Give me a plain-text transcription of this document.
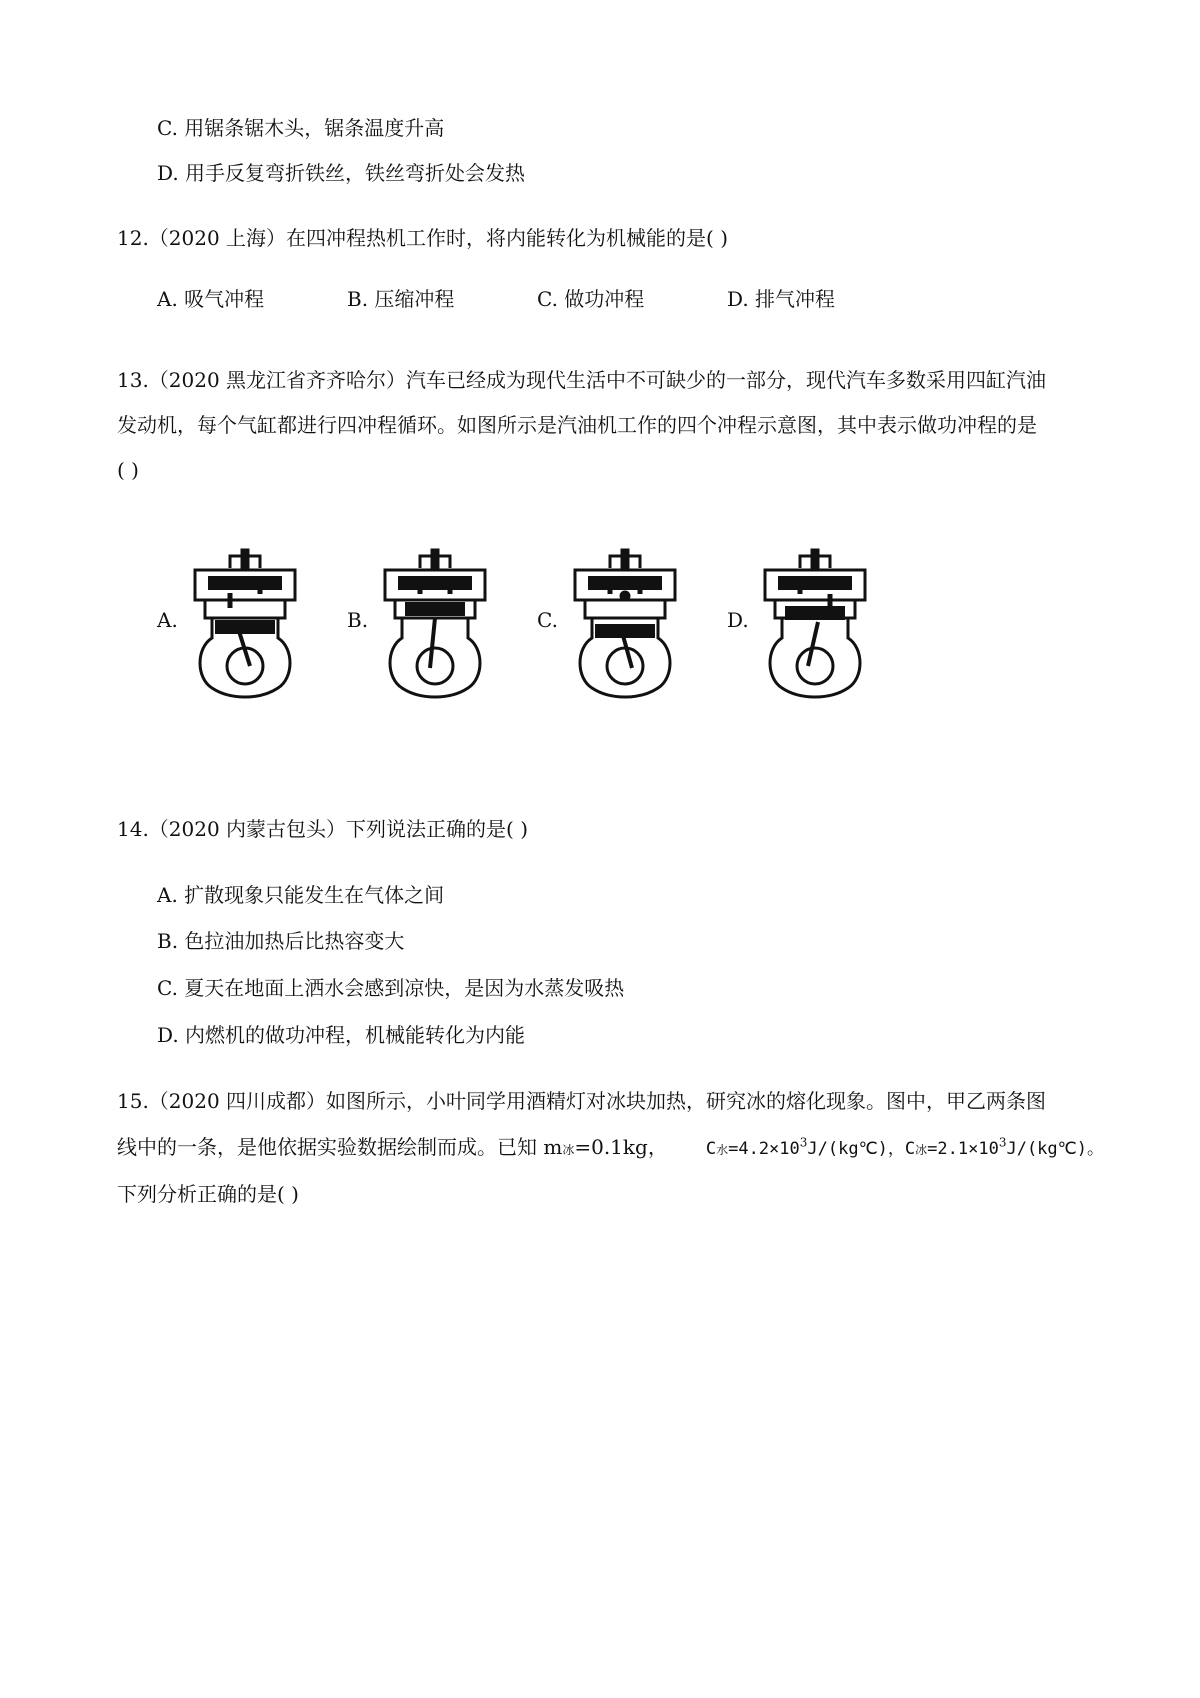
C. 用锯条锯木头，锯条温度升高
D. 用手反复弯折铁丝，铁丝弯折处会发热
12.（2020 上海）在四冲程热机工作时，将内能转化为机械能的是( )
A. 吸气冲程	B. 压缩冲程	C. 做功冲程	D. 排气冲程
13.（2020 黑龙江省齐齐哈尔）汽车已经成为现代生活中不可缺少的一部分，现代汽车多数采用四缸汽油
发动机，每个气缸都进行四冲程循环。如图所示是汽油机工作的四个冲程示意图，其中表示做功冲程的是
( )
A.	B.	C.	D.
14.（2020 内蒙古包头）下列说法正确的是( )
A. 扩散现象只能发生在气体之间
B. 色拉油加热后比热容变大
C. 夏天在地面上洒水会感到凉快，是因为水蒸发吸热
D. 内燃机的做功冲程，机械能转化为内能
15.（2020 四川成都）如图所示，小叶同学用酒精灯对冰块加热，研究冰的熔化现象。图中，甲乙两条图
线中的一条，是他依据实验数据绘制而成。已知 m冰=0.1kg， C水$=4.2\times 10^3J/(kg℃)$，C冰$=2.1\times 10^3J/(kg℃)$。
下列分析正确的是( )
